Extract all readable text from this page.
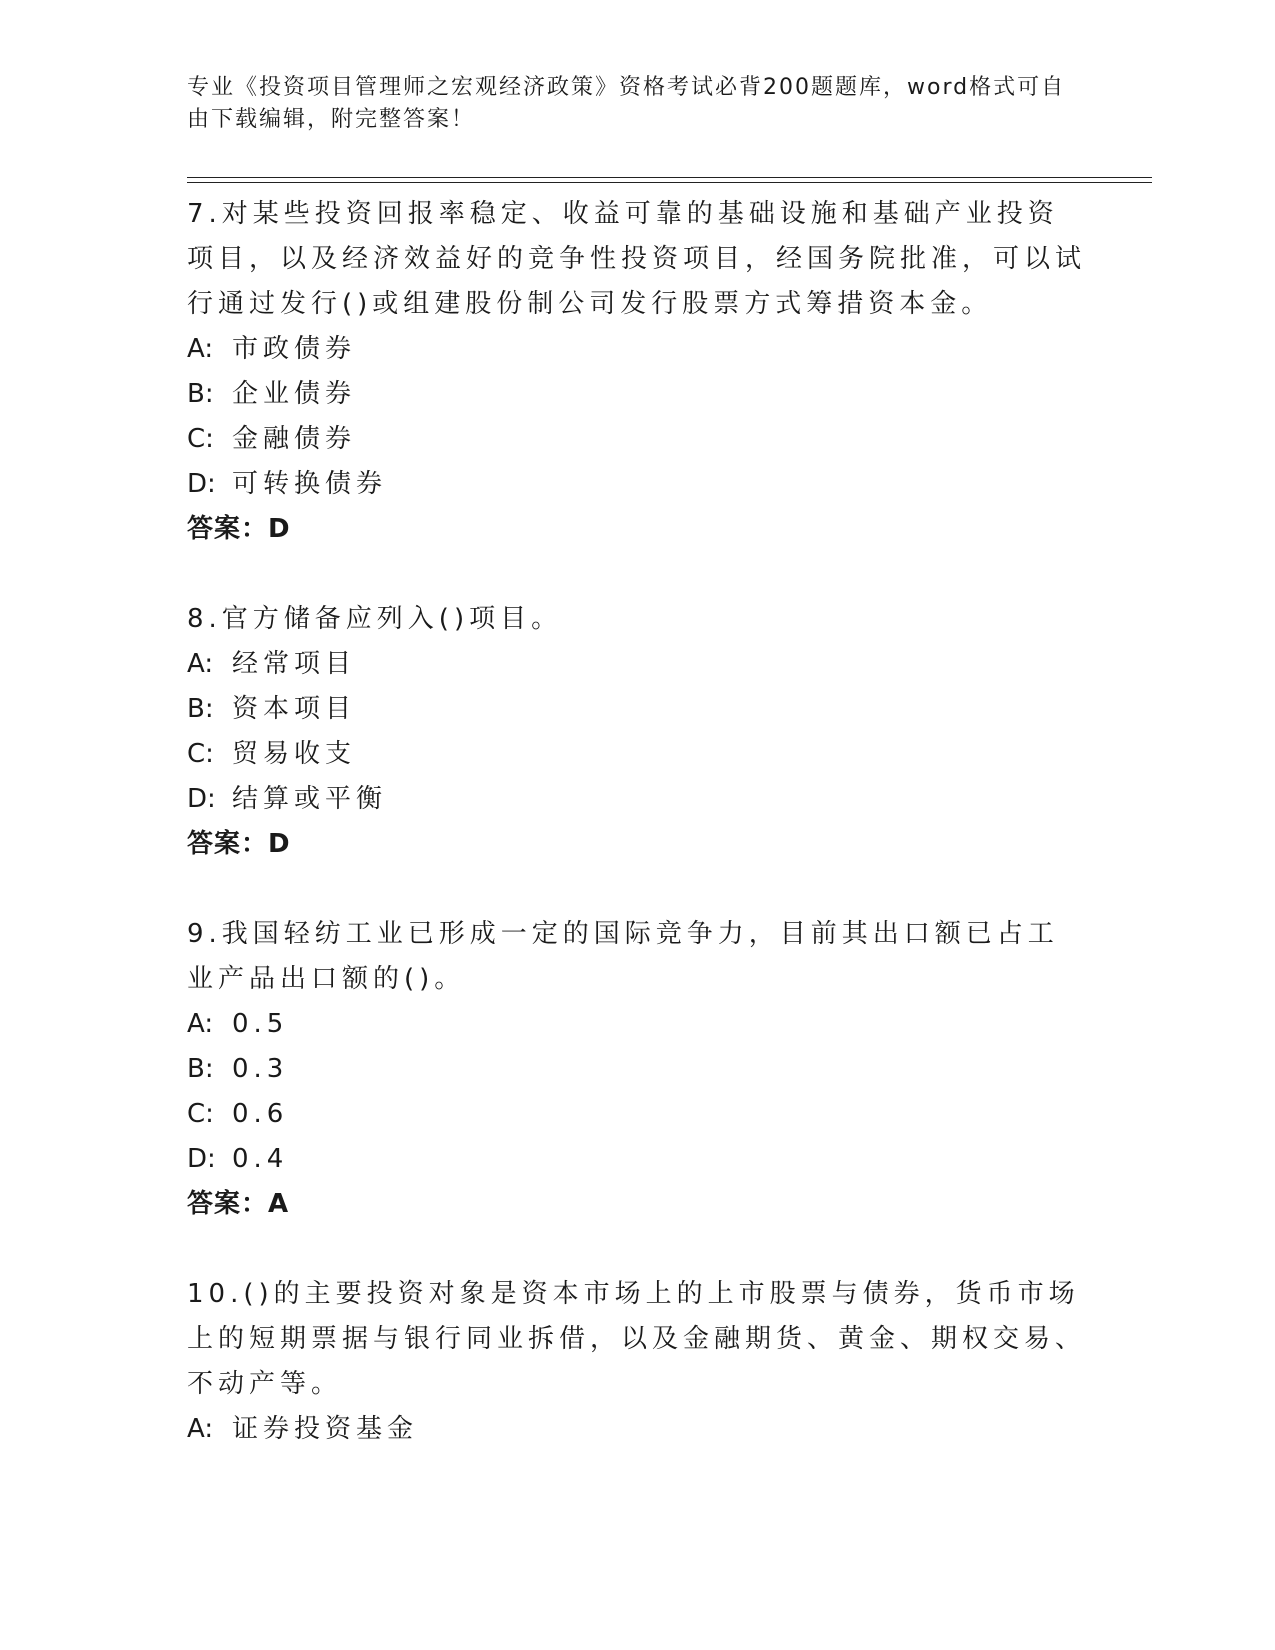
专业《投资项目管理师之宏观经济政策》资格考试必背200题题库，word格式可自由下载编辑，附完整答案！

7.对某些投资回报率稳定、收益可靠的基础设施和基础产业投资项目，以及经济效益好的竞争性投资项目，经国务院批准，可以试行通过发行()或组建股份制公司发行股票方式筹措资本金。

A: 市政债券

B: 企业债券

C: 金融债券

D: 可转换债券

答案：D

8.官方储备应列入()项目。

A: 经常项目

B: 资本项目

C: 贸易收支

D: 结算或平衡

答案：D

9.我国轻纺工业已形成一定的国际竞争力，目前其出口额已占工业产品出口额的()。

A: 0.5

B: 0.3

C: 0.6

D: 0.4

答案：A

10.()的主要投资对象是资本市场上的上市股票与债券，货币市场上的短期票据与银行同业拆借，以及金融期货、黄金、期权交易、不动产等。

A: 证券投资基金
